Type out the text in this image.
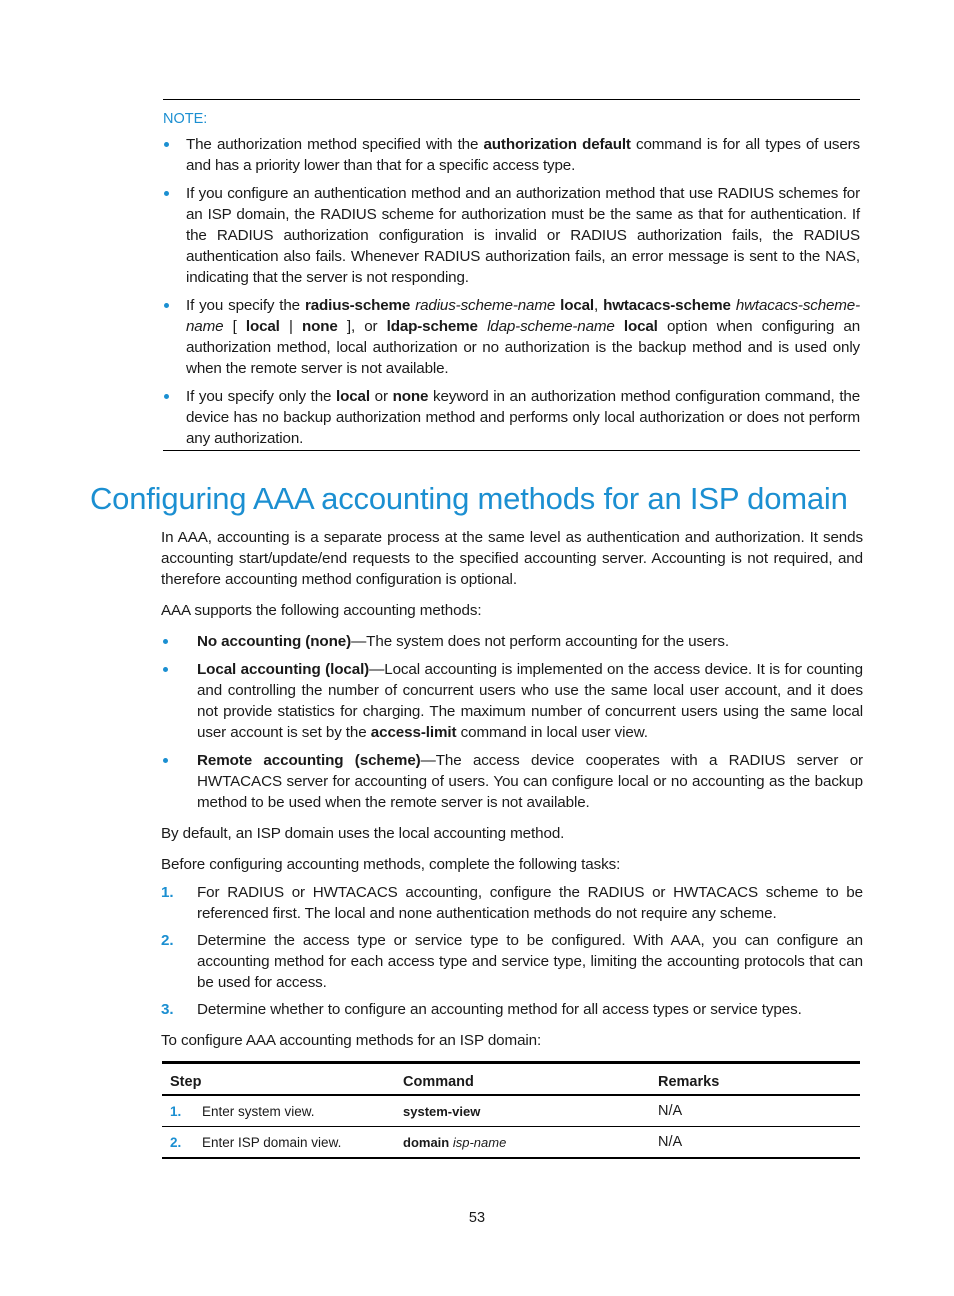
NOTE:
The authorization method specified with the authorization default command is for all types of users and has a priority lower than that for a specific access type.
If you configure an authentication method and an authorization method that use RADIUS schemes for an ISP domain, the RADIUS scheme for authorization must be the same as that for authentication. If the RADIUS authorization configuration is invalid or RADIUS authorization fails, the RADIUS authentication also fails. Whenever RADIUS authorization fails, an error message is sent to the NAS, indicating that the server is not responding.
If you specify the radius-scheme radius-scheme-name local, hwtacacs-scheme hwtacacs-scheme-name [ local | none ], or ldap-scheme ldap-scheme-name local option when configuring an authorization method, local authorization or no authorization is the backup method and is used only when the remote server is not available.
If you specify only the local or none keyword in an authorization method configuration command, the device has no backup authorization method and performs only local authorization or does not perform any authorization.
Configuring AAA accounting methods for an ISP domain

In AAA, accounting is a separate process at the same level as authentication and authorization. It sends accounting start/update/end requests to the specified accounting server. Accounting is not required, and therefore accounting method configuration is optional.

AAA supports the following accounting methods:

No accounting (none)—The system does not perform accounting for the users.
Local accounting (local)—Local accounting is implemented on the access device. It is for counting and controlling the number of concurrent users who use the same local user account, and it does not provide statistics for charging. The maximum number of concurrent users using the same local user account is set by the access-limit command in local user view.
Remote accounting (scheme)—The access device cooperates with a RADIUS server or HWTACACS server for accounting of users. You can configure local or no accounting as the backup method to be used when the remote server is not available.

By default, an ISP domain uses the local accounting method.

Before configuring accounting methods, complete the following tasks:

1. For RADIUS or HWTACACS accounting, configure the RADIUS or HWTACACS scheme to be referenced first. The local and none authentication methods do not require any scheme.
2. Determine the access type or service type to be configured. With AAA, you can configure an accounting method for each access type and service type, limiting the accounting protocols that can be used for access.
3. Determine whether to configure an accounting method for all access types or service types.

To configure AAA accounting methods for an ISP domain:

Step	Command	Remarks
1. Enter system view.	system-view	N/A
2. Enter ISP domain view.	domain isp-name	N/A
53
